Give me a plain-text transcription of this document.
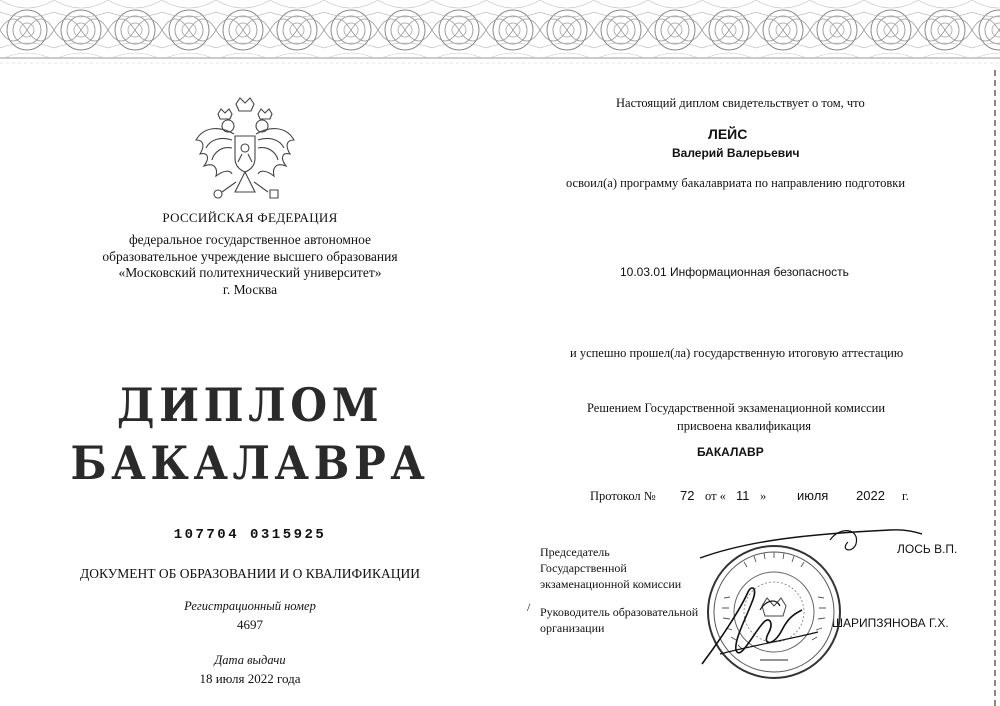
РОССИЙСКАЯ ФЕДЕРАЦИЯ
федеральное государственное автономное
образовательное учреждение высшего образования
«Московский политехнический университет»
г. Москва
ДИПЛОМ
БАКАЛАВРА
107704 0315925
ДОКУМЕНТ ОБ ОБРАЗОВАНИИ И О КВАЛИФИКАЦИИ
Регистрационный номер
4697
Дата выдачи
18 июля 2022 года
Настоящий диплом свидетельствует о том, что
ЛЕЙС
Валерий Валерьевич
освоил(а) программу бакалавриата по направлению подготовки
10.03.01 Информационная безопасность
и успешно прошел(ла) государственную итоговую аттестацию
Решением Государственной экзаменационной комиссии
присвоена квалификация
БАКАЛАВР
Протокол № 72 от « 11 » июля 2022 г.
Председатель
Государственной
экзаменационной комиссии
ЛОСЬ В.П.
Руководитель образовательной
организации	ШАРИПЗЯНОВА Г.Х.
/
